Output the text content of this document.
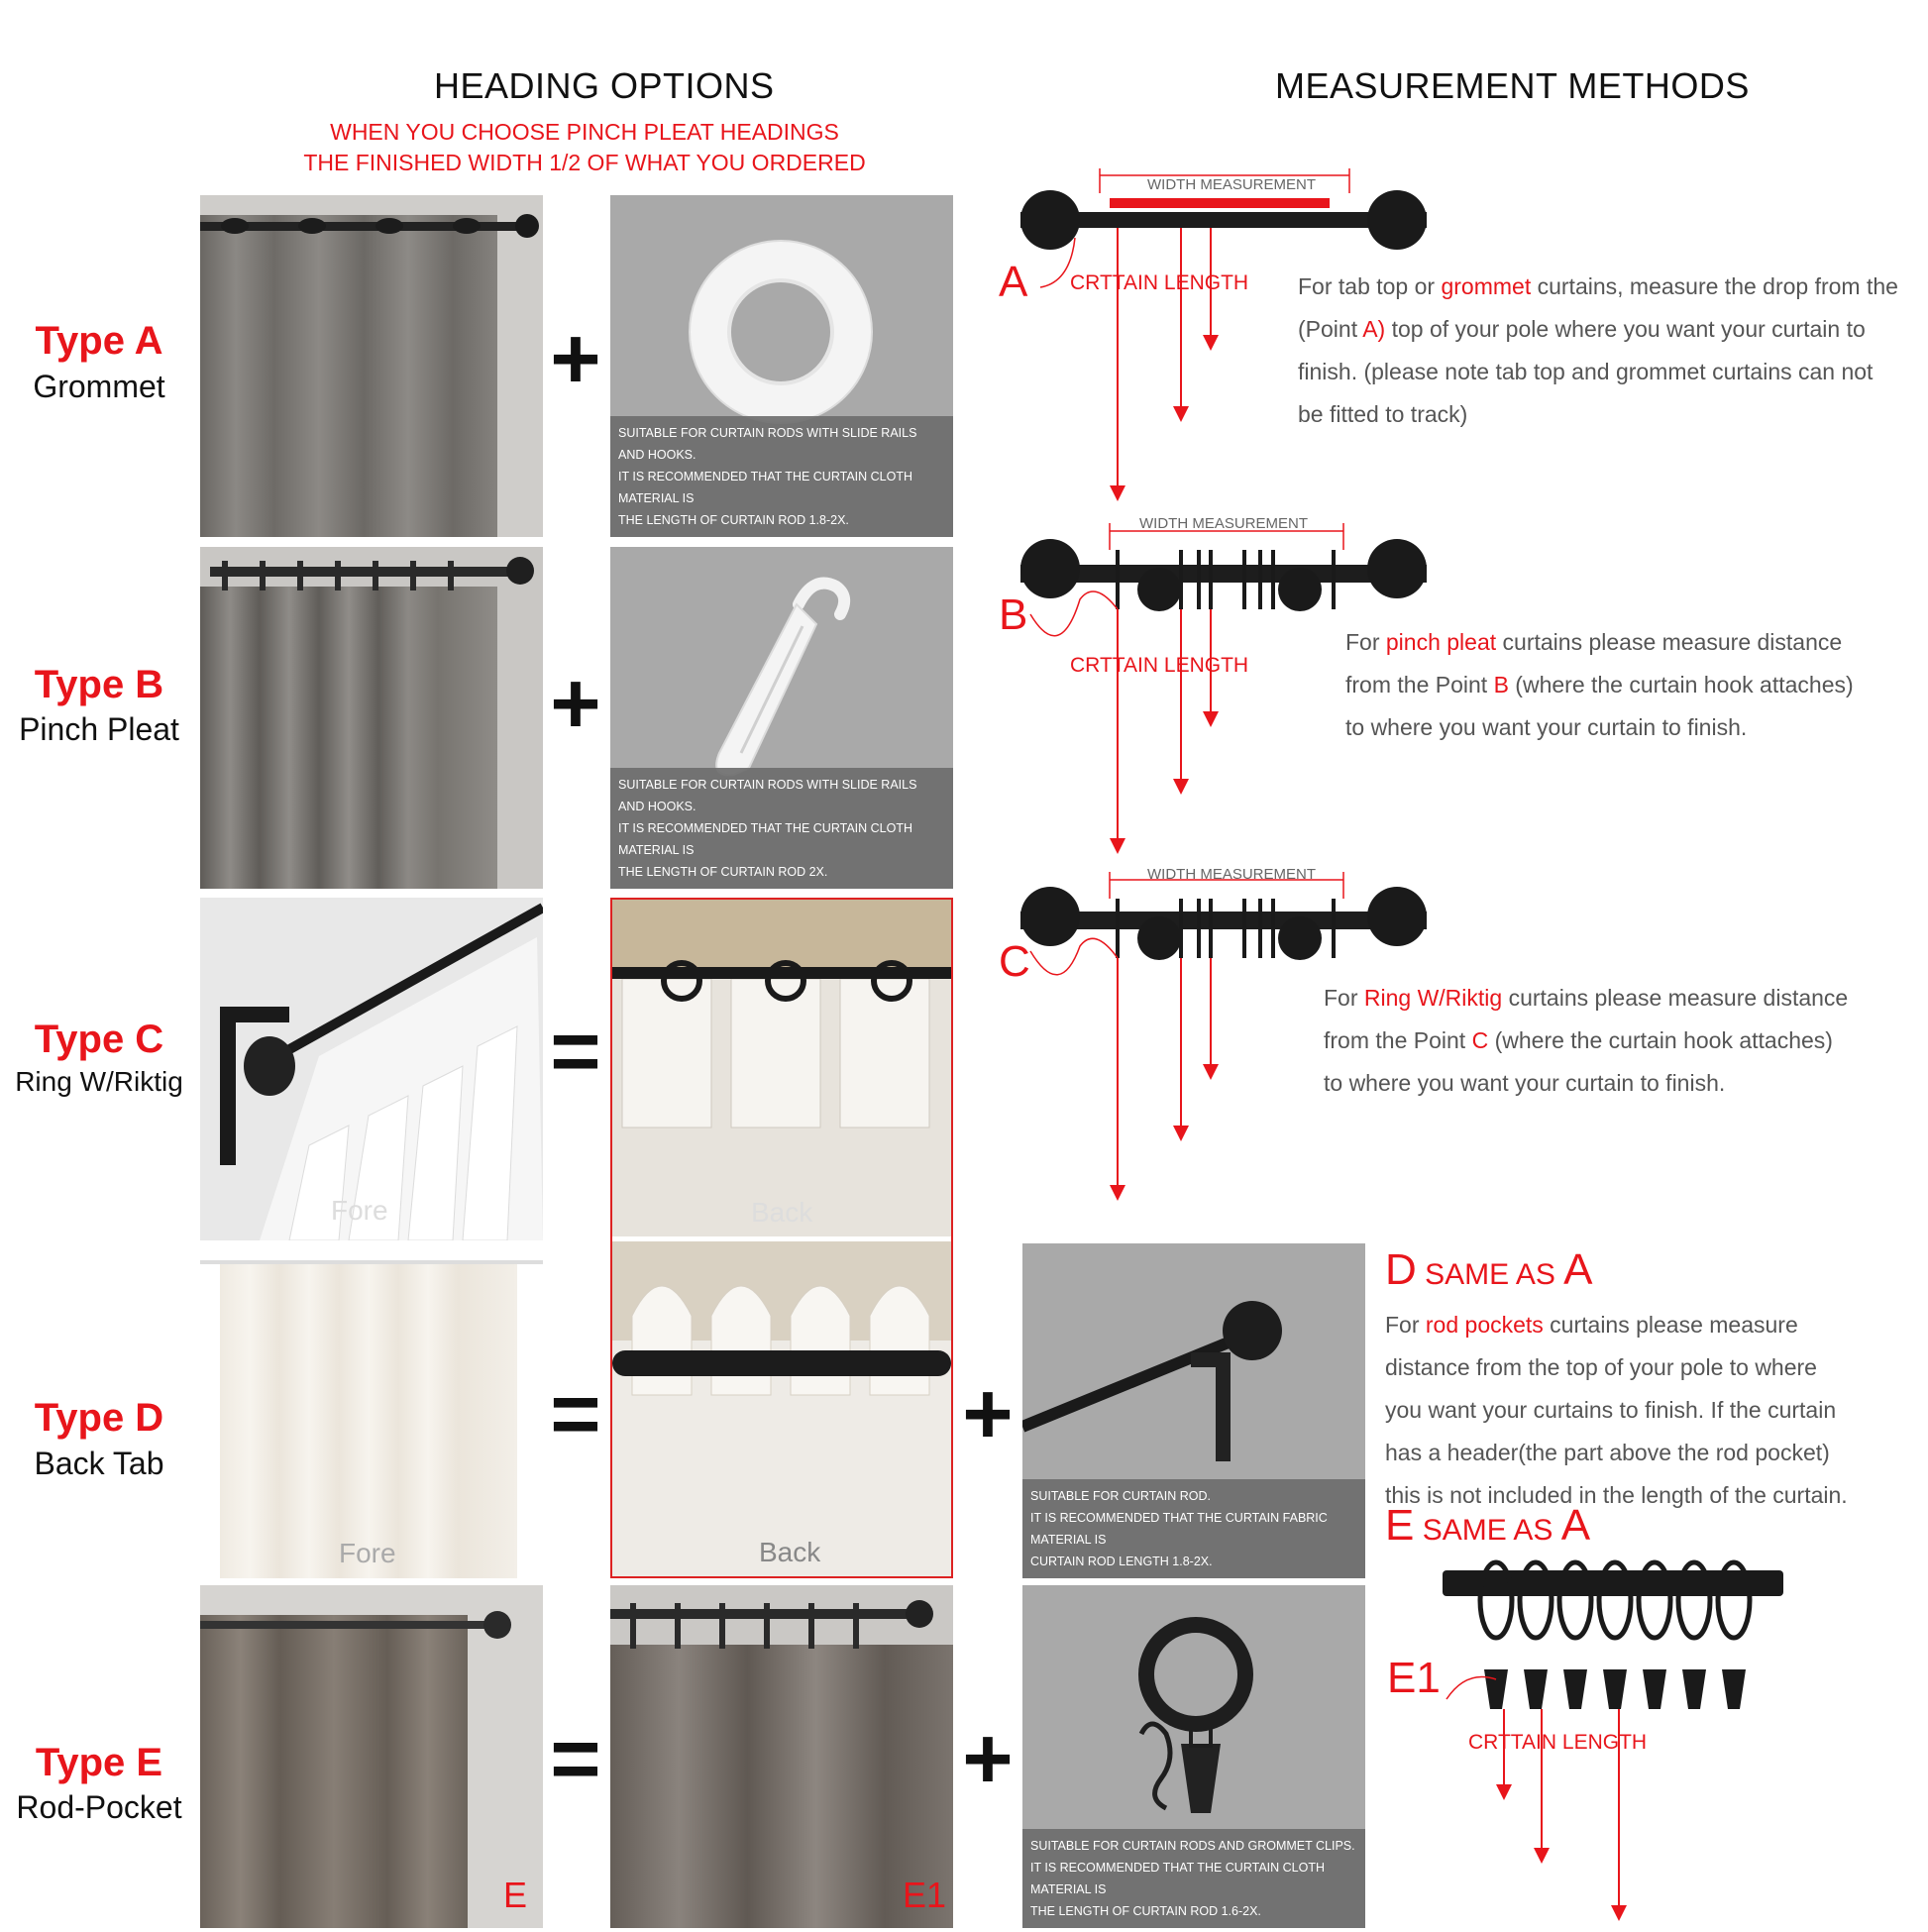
HEADING OPTIONS	MEASUREMENT METHODS
WHEN YOU CHOOSE PINCH PLEAT HEADINGS
THE FINISHED WIDTH 1/2 OF WHAT YOU ORDERED
Type A
Grommet
Type B
Pinch Pleat
Type C
Ring W/Riktig
Type D
Back Tab
Type E
Rod-Pocket
+
SUITABLE FOR CURTAIN RODS WITH SLIDE RAILS AND HOOKS.
IT IS RECOMMENDED THAT THE CURTAIN CLOTH MATERIAL IS
THE LENGTH OF CURTAIN ROD 1.8-2X.
+
SUITABLE FOR CURTAIN RODS WITH SLIDE RAILS AND HOOKS.
IT IS RECOMMENDED THAT THE CURTAIN CLOTH MATERIAL IS
THE LENGTH OF CURTAIN ROD 2X.
Fore
=
Back
Back
Fore
=	+
SUITABLE FOR CURTAIN ROD.
IT IS RECOMMENDED THAT THE CURTAIN FABRIC MATERIAL IS
CURTAIN ROD LENGTH 1.8-2X.
E
=
E1
+
SUITABLE FOR CURTAIN RODS AND GROMMET CLIPS.
IT IS RECOMMENDED THAT THE CURTAIN CLOTH MATERIAL IS
THE LENGTH OF CURTAIN ROD 1.6-2X.
WIDTH MEASUREMENT
CRTTAIN LENGTH
A	For tab top or grommet curtains, measure the drop from the
(Point A) top of your pole where you want your curtain to
finish. (please note tab top and grommet curtains can not
be fitted to track)
WIDTH MEASUREMENT
CRTTAIN LENGTH
B
For pinch pleat curtains please measure distance
from the Point B (where the curtain hook attaches)
to where you want your curtain to finish.
WIDTH MEASUREMENT
C
For Ring W/Riktig curtains please measure distance
from the Point C (where the curtain hook attaches)
to where you want your curtain to finish.
D SAME AS A
For rod pockets curtains please measure
distance from the top of your pole to where
you want your curtains to finish. If the curtain
has a header(the part above the rod pocket)
this is not included in the length of the curtain.
E SAME AS A
E1
CRTTAIN LENGTH
